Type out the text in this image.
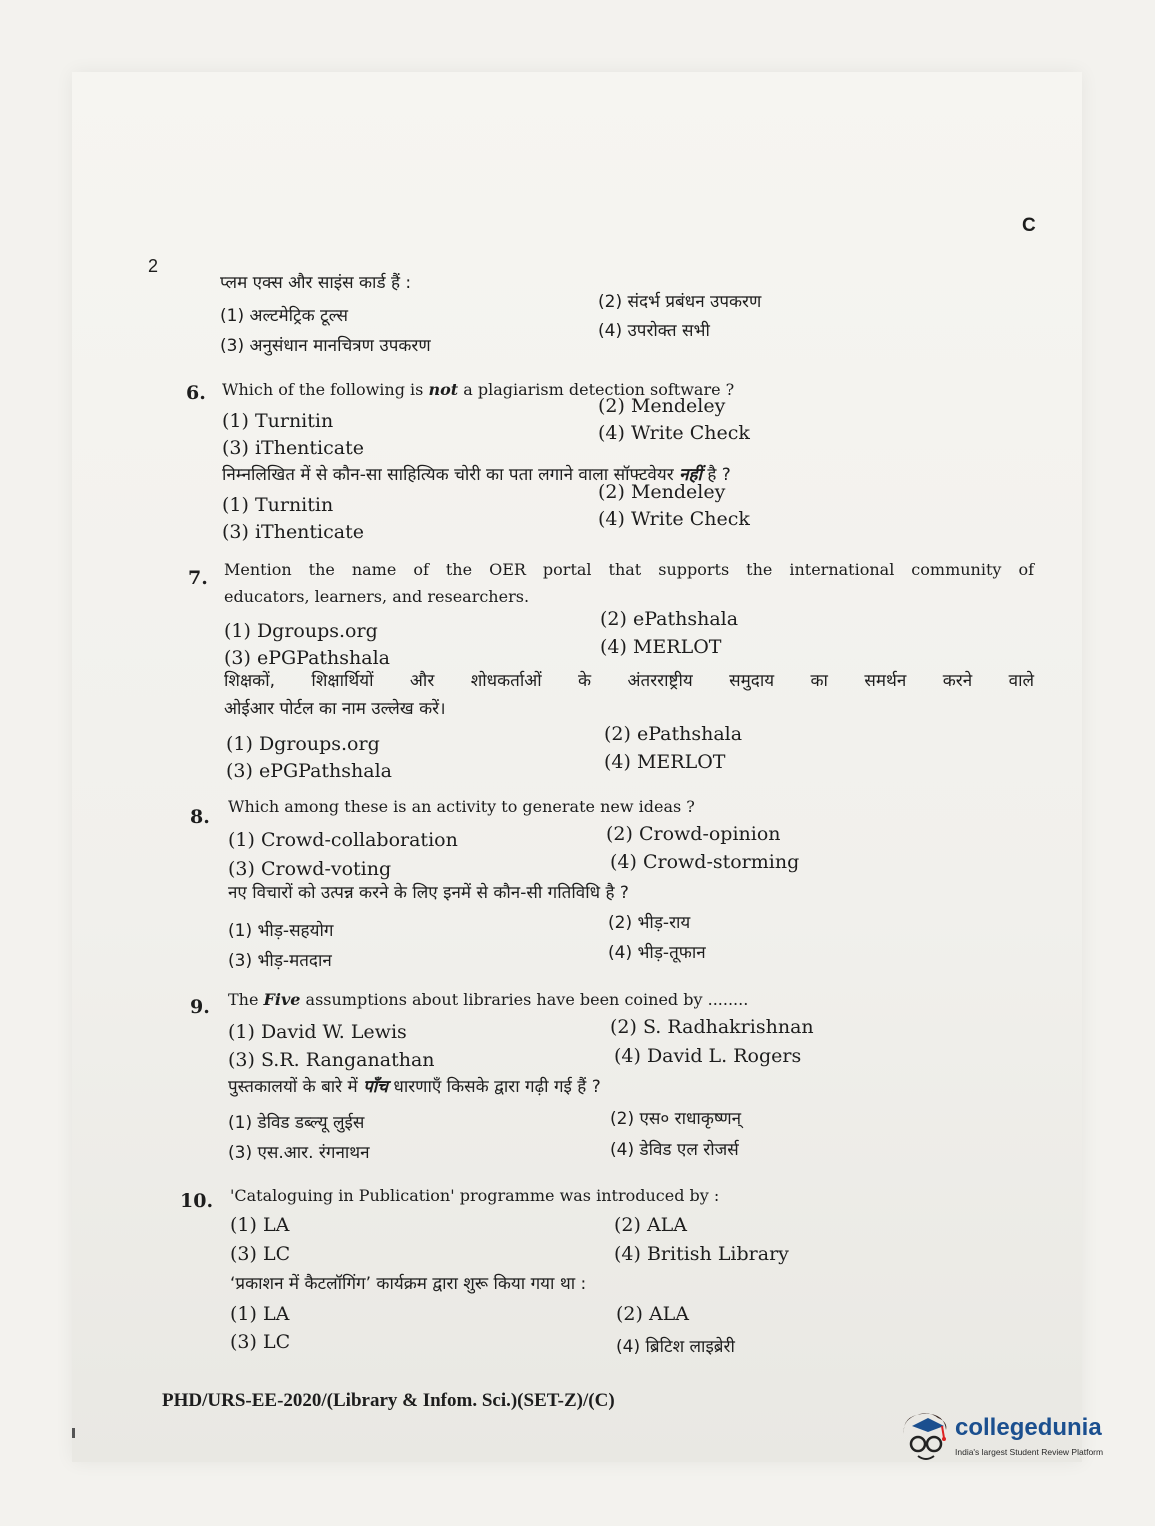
C
2
प्लम एक्स और साइंस कार्ड हैं :
(1) अल्टमेट्रिक टूल्स
(2) संदर्भ प्रबंधन उपकरण
(3) अनुसंधान मानचित्रण उपकरण
(4) उपरोक्त सभी
6. Which of the following is not a plagiarism detection software ?
(1) Turnitin
(2) Mendeley
(3) iThenticate
(4) Write Check
निम्नलिखित में से कौन-सा साहित्यिक चोरी का पता लगाने वाला सॉफ्टवेयर नहीं है ?
(1) Turnitin
(2) Mendeley
(3) iThenticate
(4) Write Check
7. Mention the name of the OER portal that supports the international community of
educators, learners, and researchers.
(1) Dgroups.org
(2) ePathshala
(3) ePGPathshala	(4) MERLOT
शिक्षकों, शिक्षार्थियों और शोधकर्ताओं के अंतरराष्ट्रीय समुदाय का समर्थन करने वाले
ओईआर पोर्टल का नाम उल्लेख करें।
(1) Dgroups.org	(2) ePathshala
(3) ePGPathshala	(4) MERLOT
8. Which among these is an activity to generate new ideas ?
(1) Crowd-collaboration	(2) Crowd-opinion
(3) Crowd-voting	(4) Crowd-storming
नए विचारों को उत्पन्न करने के लिए इनमें से कौन-सी गतिविधि है ?
(1) भीड़-सहयोग	(2) भीड़-राय
(3) भीड़-मतदान	(4) भीड़-तूफान
9. The Five assumptions about libraries have been coined by ........
(1) David W. Lewis	(2) S. Radhakrishnan
(3) S.R. Ranganathan	(4) David L. Rogers
पुस्तकालयों के बारे में पाँच धारणाएँ किसके द्वारा गढ़ी गई हैं ?
(1) डेविड डब्ल्यू लुईस	(2) एस० राधाकृष्णन्
(3) एस.आर. रंगनाथन	(4) डेविड एल रोजर्स
10. 'Cataloguing in Publication' programme was introduced by :
(1) LA	(2) ALA
(3) LC	(4) British Library
‘प्रकाशन में कैटलॉगिंग’ कार्यक्रम द्वारा शुरू किया गया था :
(1) LA	(2) ALA
(3) LC	(4) ब्रिटिश लाइब्रेरी
PHD/URS-EE-2020/(Library & Infom. Sci.)(SET-Z)/(C)
collegedunia
India's largest Student Review Platform
